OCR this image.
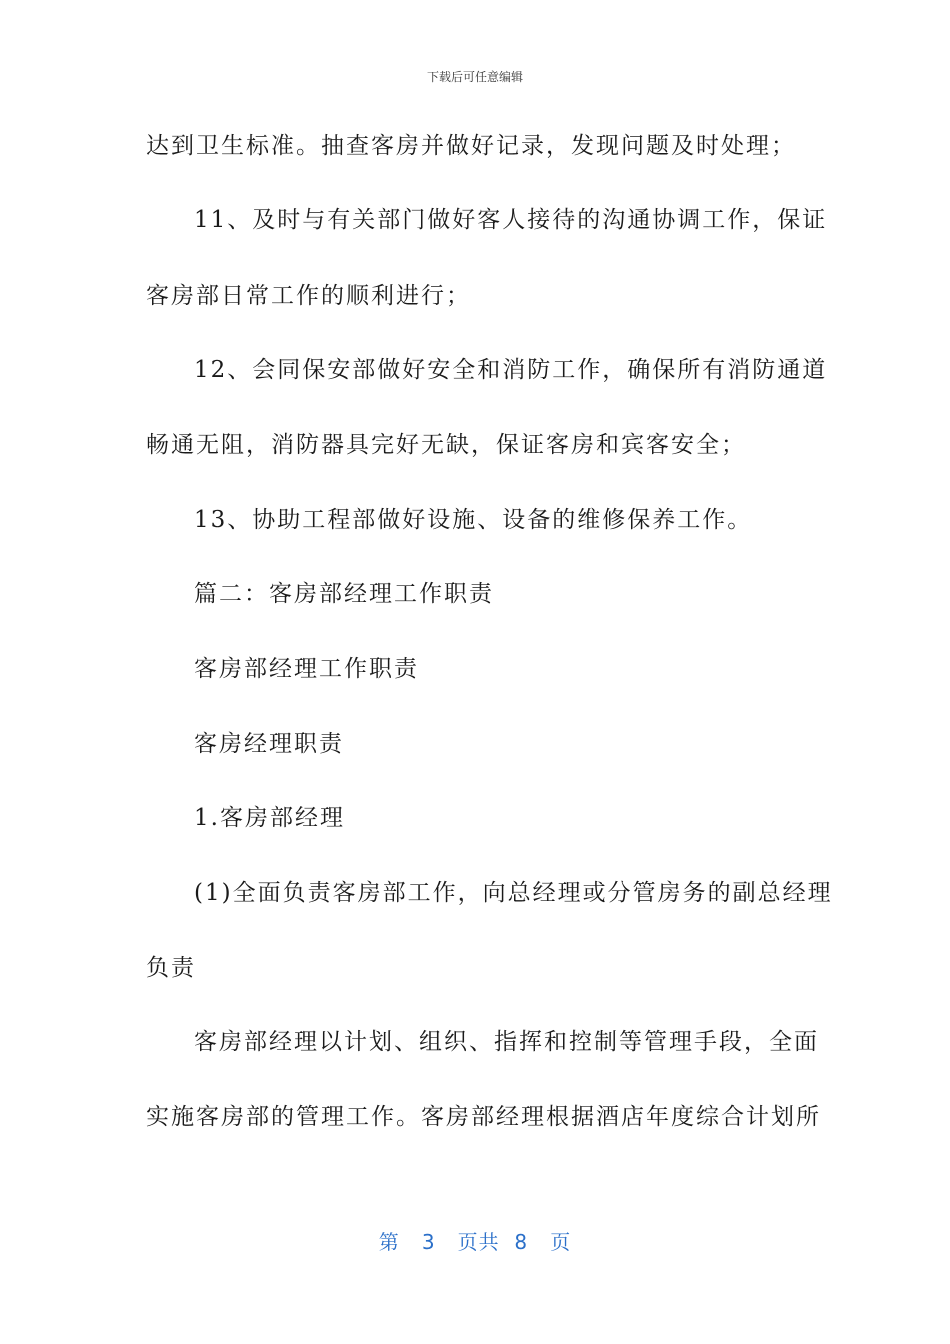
下载后可任意编辑
达到卫生标准。抽查客房并做好记录，发现问题及时处理；
11、及时与有关部门做好客人接待的沟通协调工作，保证
客房部日常工作的顺利进行；
12、会同保安部做好安全和消防工作，确保所有消防通道
畅通无阻，消防器具完好无缺，保证客房和宾客安全；
13、协助工程部做好设施、设备的维修保养工作。
篇二：客房部经理工作职责
客房部经理工作职责
客房经理职责
1.客房部经理
(1)全面负责客房部工作，向总经理或分管房务的副总经理
负责
客房部经理以计划、组织、指挥和控制等管理手段，全面
实施客房部的管理工作。客房部经理根据酒店年度综合计划所
第 3 页共 8 页
